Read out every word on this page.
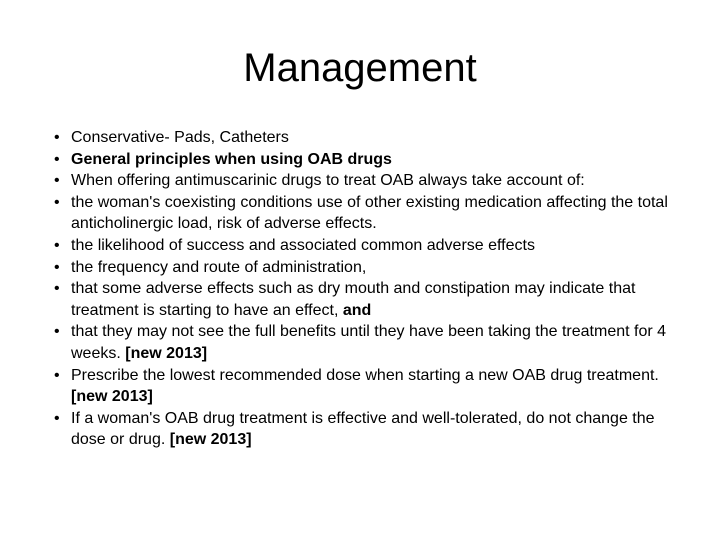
Management
• Conservative- Pads, Catheters
• General principles when using OAB drugs
• When offering antimuscarinic drugs to treat OAB always take account of:
• the woman's coexisting conditions use of other existing medication affecting the total anticholinergic load, risk of adverse effects.
• the likelihood of success and associated common adverse effects
• the frequency and route of administration,
• that some adverse effects such as dry mouth and constipation may indicate that treatment is starting to have an effect, and
• that they may not see the full benefits until they have been taking the treatment for 4 weeks. [new 2013]
• Prescribe the lowest recommended dose when starting a new OAB drug treatment. [new 2013]
• If a woman's OAB drug treatment is effective and well‑tolerated, do not change the dose or drug. [new 2013]
